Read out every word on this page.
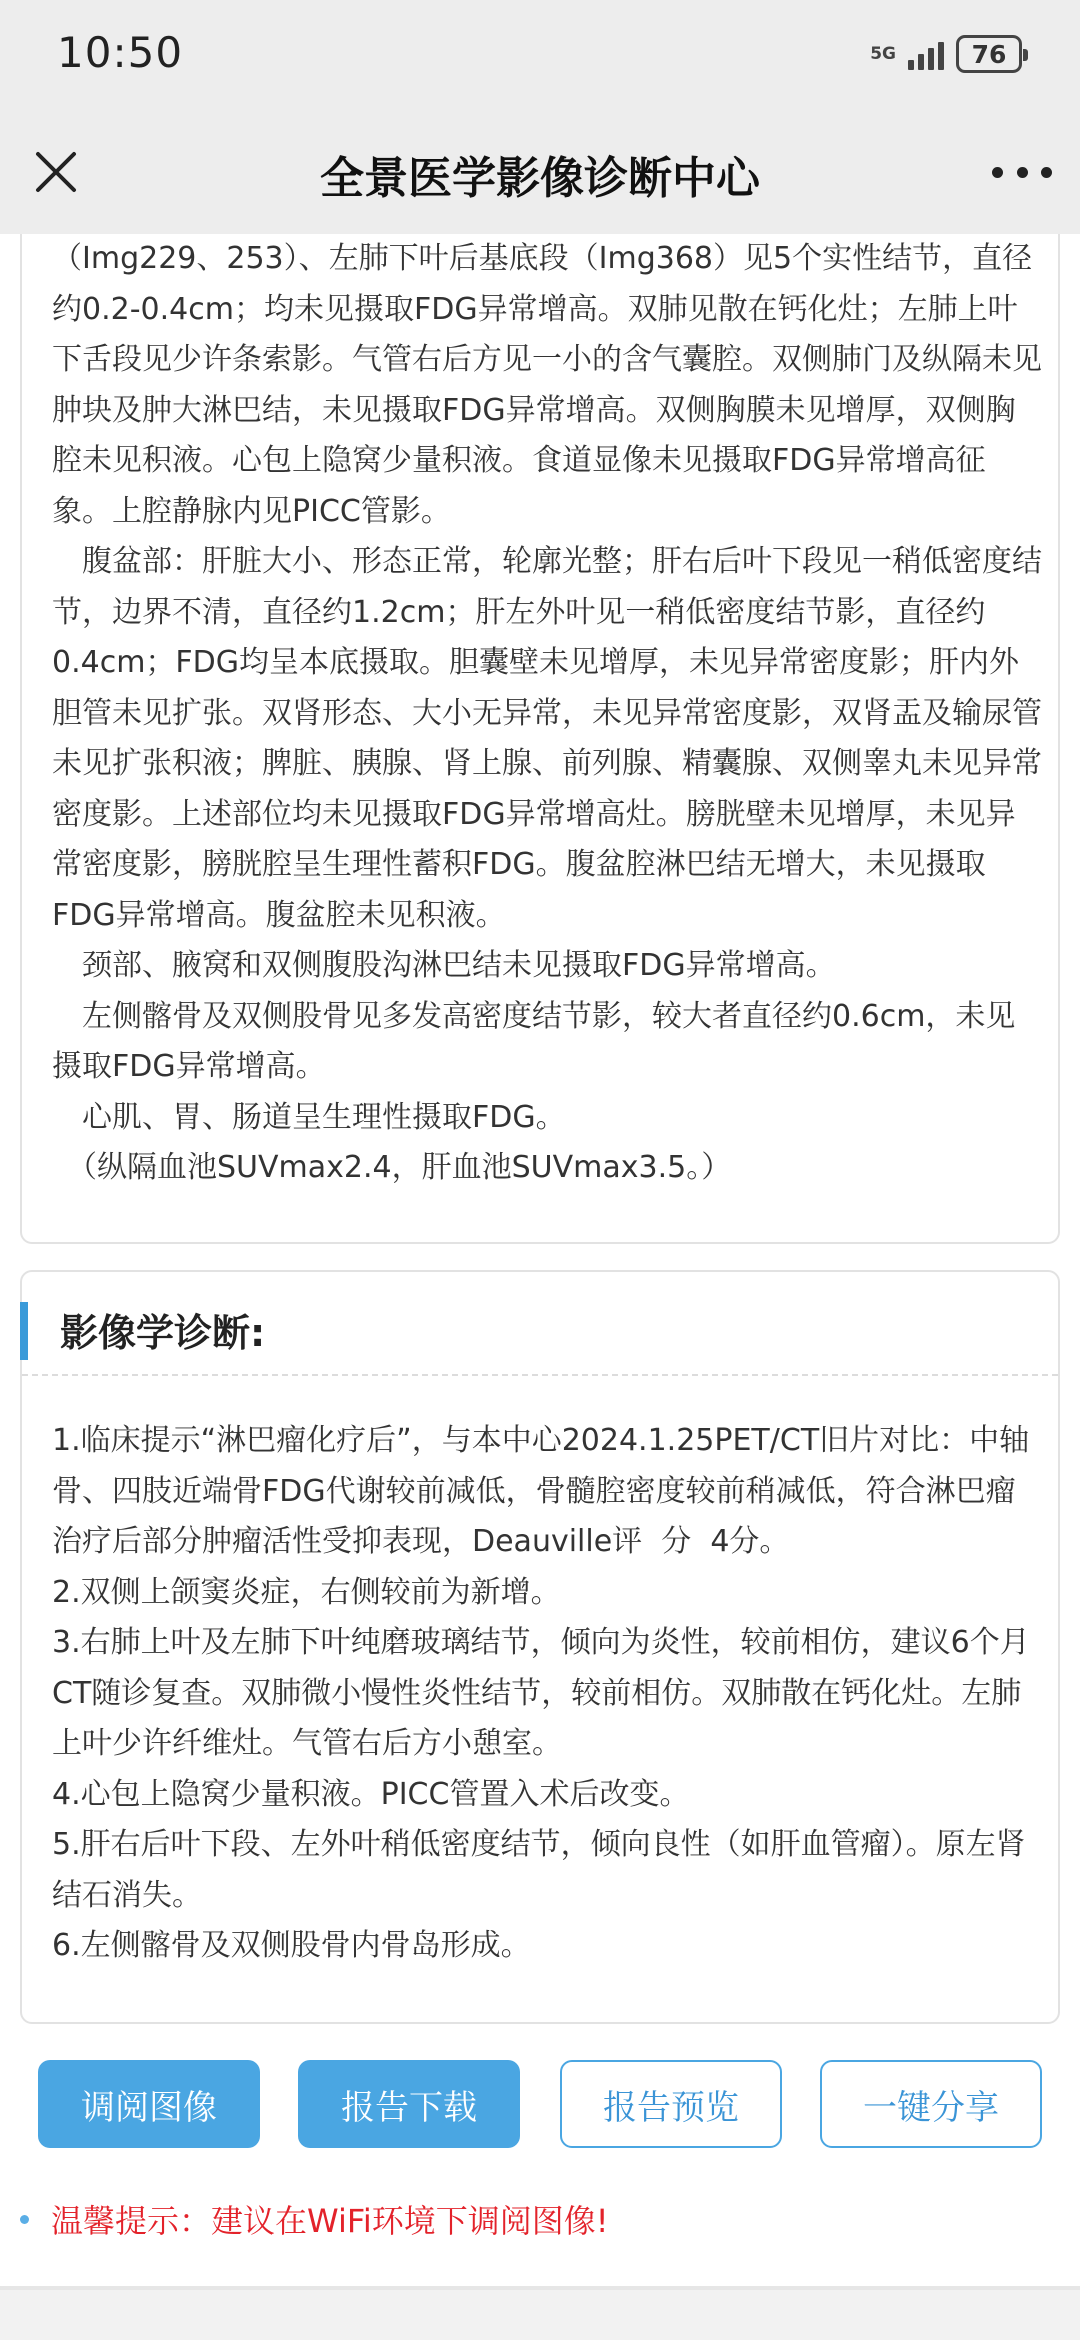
10:50	5G	76
全景医学影像诊断中心

（Img229、253）、左肺下叶后基底段（Img368）见5个实性结节，直径约0.2-0.4cm；均未见摄取FDG异常增高。双肺见散在钙化灶；左肺上叶下舌段见少许条索影。气管右后方见一小的含气囊腔。双侧肺门及纵隔未见肿块及肿大淋巴结，未见摄取FDG异常增高。双侧胸膜未见增厚，双侧胸腔未见积液。心包上隐窝少量积液。食道显像未见摄取FDG异常增高征象。上腔静脉内见PICC管影。

　腹盆部：肝脏大小、形态正常，轮廓光整；肝右后叶下段见一稍低密度结节，边界不清，直径约1.2cm；肝左外叶见一稍低密度结节影，直径约0.4cm；FDG均呈本底摄取。胆囊壁未见增厚，未见异常密度影；肝内外胆管未见扩张。双肾形态、大小无异常，未见异常密度影，双肾盂及输尿管未见扩张积液；脾脏、胰腺、肾上腺、前列腺、精囊腺、双侧睾丸未见异常密度影。上述部位均未见摄取FDG异常增高灶。膀胱壁未见增厚，未见异常密度影，膀胱腔呈生理性蓄积FDG。腹盆腔淋巴结无增大，未见摄取FDG异常增高。腹盆腔未见积液。

　颈部、腋窝和双侧腹股沟淋巴结未见摄取FDG异常增高。

　左侧髂骨及双侧股骨见多发高密度结节影，较大者直径约0.6cm，未见摄取FDG异常增高。

　心肌、胃、肠道呈生理性摄取FDG。

　（纵隔血池SUVmax2.4，肝血池SUVmax3.5。）

影像学诊断:

1.临床提示“淋巴瘤化疗后”，与本中心2024.1.25PET/CT旧片对比：中轴骨、四肢近端骨FDG代谢较前减低，骨髓腔密度较前稍减低，符合淋巴瘤治疗后部分肿瘤活性受抑表现，Deauville评  分  4分。

2.双侧上颌窦炎症，右侧较前为新增。

3.右肺上叶及左肺下叶纯磨玻璃结节，倾向为炎性，较前相仿，建议6个月CT随诊复查。双肺微小慢性炎性结节，较前相仿。双肺散在钙化灶。左肺上叶少许纤维灶。气管右后方小憩室。

4.心包上隐窝少量积液。PICC管置入术后改变。

5.肝右后叶下段、左外叶稍低密度结节，倾向良性（如肝血管瘤）。原左肾结石消失。

6.左侧髂骨及双侧股骨内骨岛形成。

调阅图像	报告下载	报告预览	一键分享
温馨提示：建议在WiFi环境下调阅图像!
